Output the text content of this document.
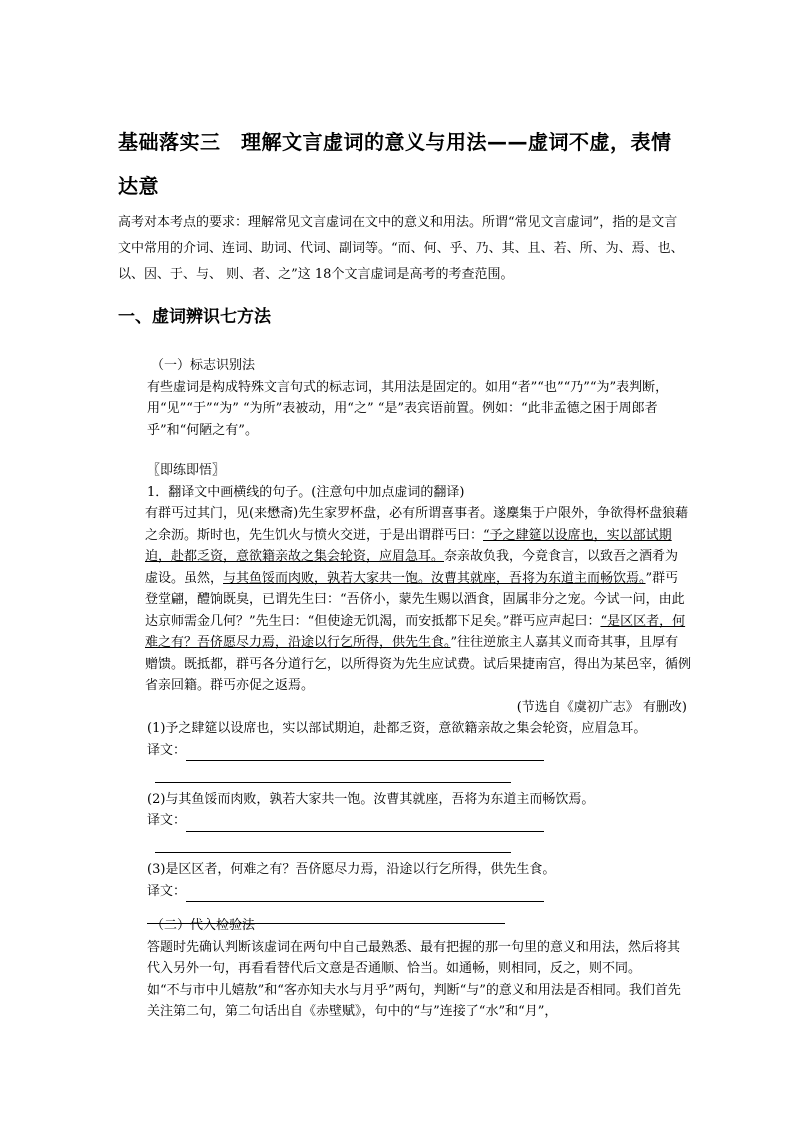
基础落实三　理解文言虚词的意义与用法——虚词不虚，表情达意
高考对本考点的要求：理解常见文言虚词在文中的意义和用法。所谓“常见文言虚词”，指的是文言文中常用的介词、连词、助词、代词、副词等。“而、何、乎、乃、其、且、若、所、为、焉、也、以、因、于、与、 则、者、之”这 18个文言虚词是高考的考查范围。
一、虚词辨识七方法
（一）标志识别法
有些虚词是构成特殊文言句式的标志词，其用法是固定的。如用“者”“也”“乃”“为”表判断，用“见”“于”“为” “为所”表被动，用“之” “是”表宾语前置。例如：“此非孟德之困于周郎者乎”和“何陋之有”。
〖即练即悟〗
1．翻译文中画横线的句子。(注意句中加点虚词的翻译)
有群丐过其门，见(来懋斋)先生家罗杯盘，必有所谓喜事者。遂麇集于户限外，争欲得杯盘狼藉之余沥。斯时也，先生饥火与愤火交迸，于是出谓群丐曰：“予之肆筵以设席也，实以部试期迫，赴都乏资，意欲籍亲故之集会轮资，应眉急耳。奈亲故负我，今竟食言，以致吾之酒肴为虚设。虽然，与其鱼馁而肉败，孰若大家共一饱。汝曹其就座，吾将为东道主而畅饮焉。”群丐登堂翩，醴饷既臭，已谓先生曰：“吾侪小，蒙先生赐以酒食，固属非分之宠。今试一问，由此达京师需金几何？”先生曰：“但使途无饥渴，而安抵都下足矣。”群丐应声起曰：“是区区者，何难之有？吾侪愿尽力焉，沿途以行乞所得，供先生食。”往往逆旅主人嘉其义而奇其事，且厚有赠馈。既抵都，群丐各分道行乞，以所得资为先生应试费。试后果捷南宫，得出为某邑宰，循例省亲回籍。群丐亦促之返焉。
(节选自《虞初广志》 有删改)
(1)予之肆筵以设席也，实以部试期迫，赴都乏资，意欲籍亲故之集会轮资，应眉急耳。
译文：
(2)与其鱼馁而肉败，孰若大家共一饱。汝曹其就座，吾将为东道主而畅饮焉。
译文：
(3)是区区者，何难之有？吾侪愿尽力焉，沿途以行乞所得，供先生食。
译文：
（二）代入检验法
答题时先确认判断该虚词在两句中自己最熟悉、最有把握的那一句里的意义和用法，然后将其代入另外一句，再看看替代后文意是否通顺、恰当。如通畅，则相同，反之，则不同。
如“不与市中儿嬉敖”和“客亦知夫水与月乎”两句，判断“与”的意义和用法是否相同。我们首先关注第二句，第二句话出自《赤壁赋》，句中的“与”连接了“水”和“月”，
